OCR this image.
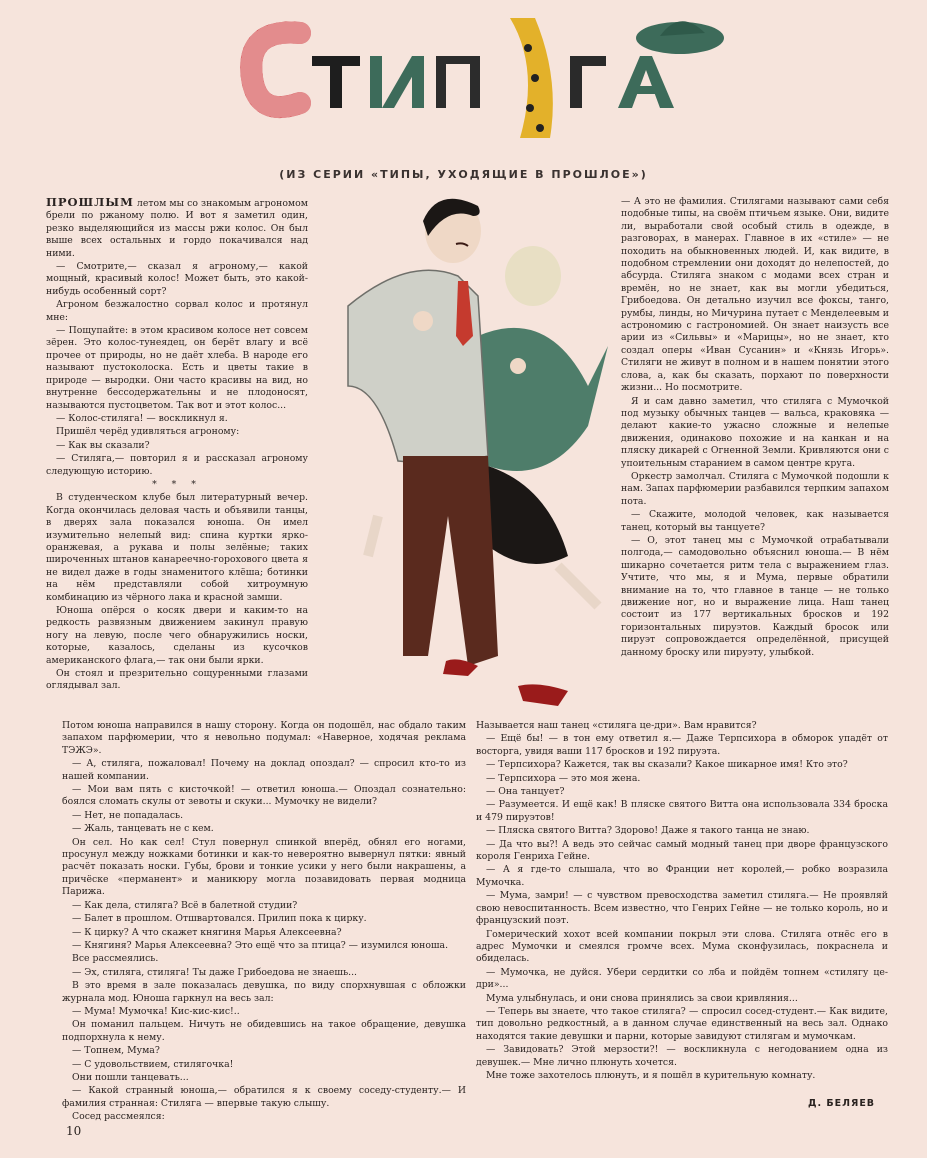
(ИЗ СЕРИИ «ТИПЫ, УХОДЯЩИЕ В ПРОШЛОЕ»)

ПРОШЛЫМ летом мы со знакомым агрономом брели по ржаному полю. И вот я заметил один, резко выделяющийся из массы ржи колос. Он был выше всех остальных и гордо покачивался над ними.

— Смотрите,— сказал я агроному,— какой мощный, красивый колос! Может быть, это какой-нибудь особенный сорт?

Агроном безжалостно сорвал колос и протянул мне:

— Пощупайте: в этом красивом колосе нет совсем зёрен. Это колос-тунеядец, он берёт влагу и всё прочее от природы, но не даёт хлеба. В народе его называют пустоколоска. Есть и цветы такие в природе — выродки. Они часто красивы на вид, но внутренне бессодержательны и не плодоносят, называются пустоцветом. Так вот и этот колос...

— Колос-стиляга! — воскликнул я.

Пришёл черёд удивляться агроному:

— Как вы сказали?

— Стиляга,— повторил я и рассказал агроному следующую историю.

* * *

В студенческом клубе был литературный вечер. Когда окончилась деловая часть и объявили танцы, в дверях зала показался юноша. Он имел изумительно нелепый вид: спина куртки ярко-оранжевая, а рукава и полы зелёные; таких широченных штанов канареечно-горохового цвета я не видел даже в годы знаменитого клёша; ботинки на нём представляли собой хитроумную комбинацию из чёрного лака и красной замши.

Юноша опёрся о косяк двери и каким-то на редкость развязным движением закинул правую ногу на левую, после чего обнаружились носки, которые, казалось, сделаны из кусочков американского флага,— так они были ярки.

Он стоял и презрительно сощуренными глазами оглядывал зал.

— А это не фамилия. Стилягами называют сами себя подобные типы, на своём птичьем языке. Они, видите ли, выработали свой особый стиль в одежде, в разговорах, в манерах. Главное в их «стиле» — не походить на обыкновенных людей. И, как видите, в подобном стремлении они доходят до нелепостей, до абсурда. Стиляга знаком с модами всех стран и времён, но не знает, как вы могли убедиться, Грибоедова. Он детально изучил все фоксы, танго, румбы, линды, но Мичурина путает с Менделеевым и астрономию с гастрономией. Он знает наизусть все арии из «Сильвы» и «Марицы», но не знает, кто создал оперы «Иван Сусанин» и «Князь Игорь». Стиляги не живут в полном и в нашем понятии этого слова, а, как бы сказать, порхают по поверхности жизни... Но посмотрите.

Я и сам давно заметил, что стиляга с Мумочкой под музыку обычных танцев — вальса, краковяка — делают какие-то ужасно сложные и нелепые движения, одинаково похожие и на канкан и на пляску дикарей с Огненной Земли. Кривляются они с упоительным старанием в самом центре круга.

Оркестр замолчал. Стиляга с Мумочкой подошли к нам. Запах парфюмерии разбавился терпким запахом пота.

— Скажите, молодой человек, как называется танец, который вы танцуете?

— О, этот танец мы с Мумочкой отрабатывали полгода,— самодовольно объяснил юноша.— В нём шикарно сочетается ритм тела с выражением глаз. Учтите, что мы, я и Мума, первые обратили внимание на то, что главное в танце — не только движение ног, но и выражение лица. Наш танец состоит из 177 вертикальных бросков и 192 горизонтальных пируэтов. Каждый бросок или пируэт сопровождается определённой, присущей данному броску или пируэту, улыбкой.

Потом юноша направился в нашу сторону. Когда он подошёл, нас обдало таким запахом парфюмерии, что я невольно подумал: «Наверное, ходячая реклама ТЭЖЭ».

— А, стиляга, пожаловал! Почему на доклад опоздал? — спросил кто-то из нашей компании.

— Мои вам пять с кисточкой! — ответил юноша.— Опоздал сознательно: боялся сломать скулы от зевоты и скуки... Мумочку не видели?

— Нет, не попадалась.

— Жаль, танцевать не с кем.

Он сел. Но как сел! Стул повернул спинкой вперёд, обнял его ногами, просунул между ножками ботинки и как-то невероятно вывернул пятки: явный расчёт показать носки. Губы, брови и тонкие усики у него были накрашены, а причёске «перманент» и маникюру могла позавидовать первая модница Парижа.

— Как дела, стиляга? Всё в балетной студии?

— Балет в прошлом. Отшвартовался. Прилип пока к цирку.

— К цирку? А что скажет княгиня Марья Алексеевна?

— Княгиня? Марья Алексеевна? Это ещё что за птица? — изумился юноша.

Все рассмеялись.

— Эх, стиляга, стиляга! Ты даже Грибоедова не знаешь...

В это время в зале показалась девушка, по виду спорхнувшая с обложки журнала мод. Юноша гаркнул на весь зал:

— Мума! Мумочка! Кис-кис-кис!..

Он поманил пальцем. Ничуть не обидевшись на такое обращение, девушка подпорхнула к нему.

— Топнем, Мума?

— С удовольствием, стилягочка!

Они пошли танцевать...

— Какой странный юноша,— обратился я к своему соседу-студенту.— И фамилия странная: Стиляга — впервые такую слышу.

Сосед рассмеялся:

Называется наш танец «стиляга це-дри». Вам нравится?

— Ещё бы! — в тон ему ответил я.— Даже Терпсихора в обморок упадёт от восторга, увидя ваши 117 бросков и 192 пируэта.

— Терпсихора? Кажется, так вы сказали? Какое шикарное имя! Кто это?

— Терпсихора — это моя жена.

— Она танцует?

— Разумеется. И ещё как! В пляске святого Витта она использовала 334 броска и 479 пируэтов!

— Пляска святого Витта? Здорово! Даже я такого танца не знаю.

— Да что вы?! А ведь это сейчас самый модный танец при дворе французского короля Генриха Гейне.

— А я где-то слышала, что во Франции нет королей,— робко возразила Мумочка.

— Мума, замри! — с чувством превосходства заметил стиляга.— Не проявляй свою невоспитанность. Всем известно, что Генрих Гейне — не только король, но и французский поэт.

Гомерический хохот всей компании покрыл эти слова. Стиляга отнёс его в адрес Мумочки и смеялся громче всех. Мума сконфузилась, покраснела и обиделась.

— Мумочка, не дуйся. Убери сердитки со лба и пойдём топнем «стилягу це-дри»...

Мума улыбнулась, и они снова принялись за свои кривляния...

— Теперь вы знаете, что такое стиляга? — спросил сосед-студент.— Как видите, тип довольно редкостный, а в данном случае единственный на весь зал. Однако находятся такие девушки и парни, которые завидуют стилягам и мумочкам.

— Завидовать? Этой мерзости?! — воскликнула с негодованием одна из девушек.— Мне лично плюнуть хочется.

Мне тоже захотелось плюнуть, и я пошёл в курительную комнату.

Д. БЕЛЯЕВ
10
